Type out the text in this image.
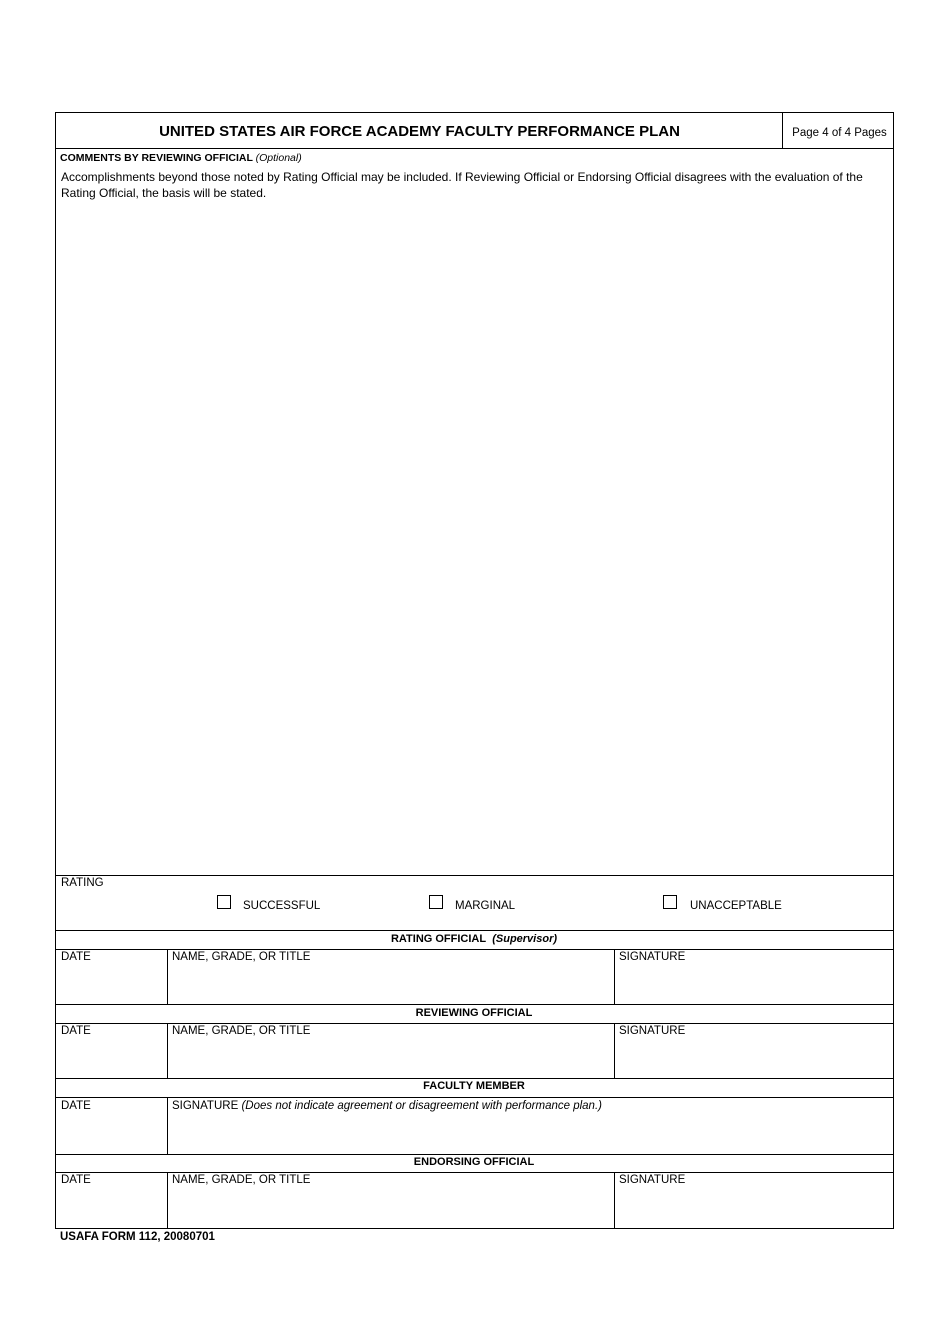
UNITED STATES AIR FORCE ACADEMY FACULTY PERFORMANCE PLAN	Page 4 of 4 Pages
COMMENTS BY REVIEWING OFFICIAL (Optional)
Accomplishments beyond those noted by Rating Official may be included. If Reviewing Official or Endorsing Official disagrees with the evaluation of the Rating Official, the basis will be stated.
RATING
SUCCESSFUL	MARGINAL	UNACCEPTABLE
RATING OFFICIAL (Supervisor)
DATE	NAME, GRADE, OR TITLE	SIGNATURE
REVIEWING OFFICIAL
DATE	NAME, GRADE, OR TITLE	SIGNATURE
FACULTY MEMBER
DATE	SIGNATURE (Does not indicate agreement or disagreement with performance plan.)
ENDORSING OFFICIAL
DATE	NAME, GRADE, OR TITLE	SIGNATURE
USAFA FORM 112, 20080701
